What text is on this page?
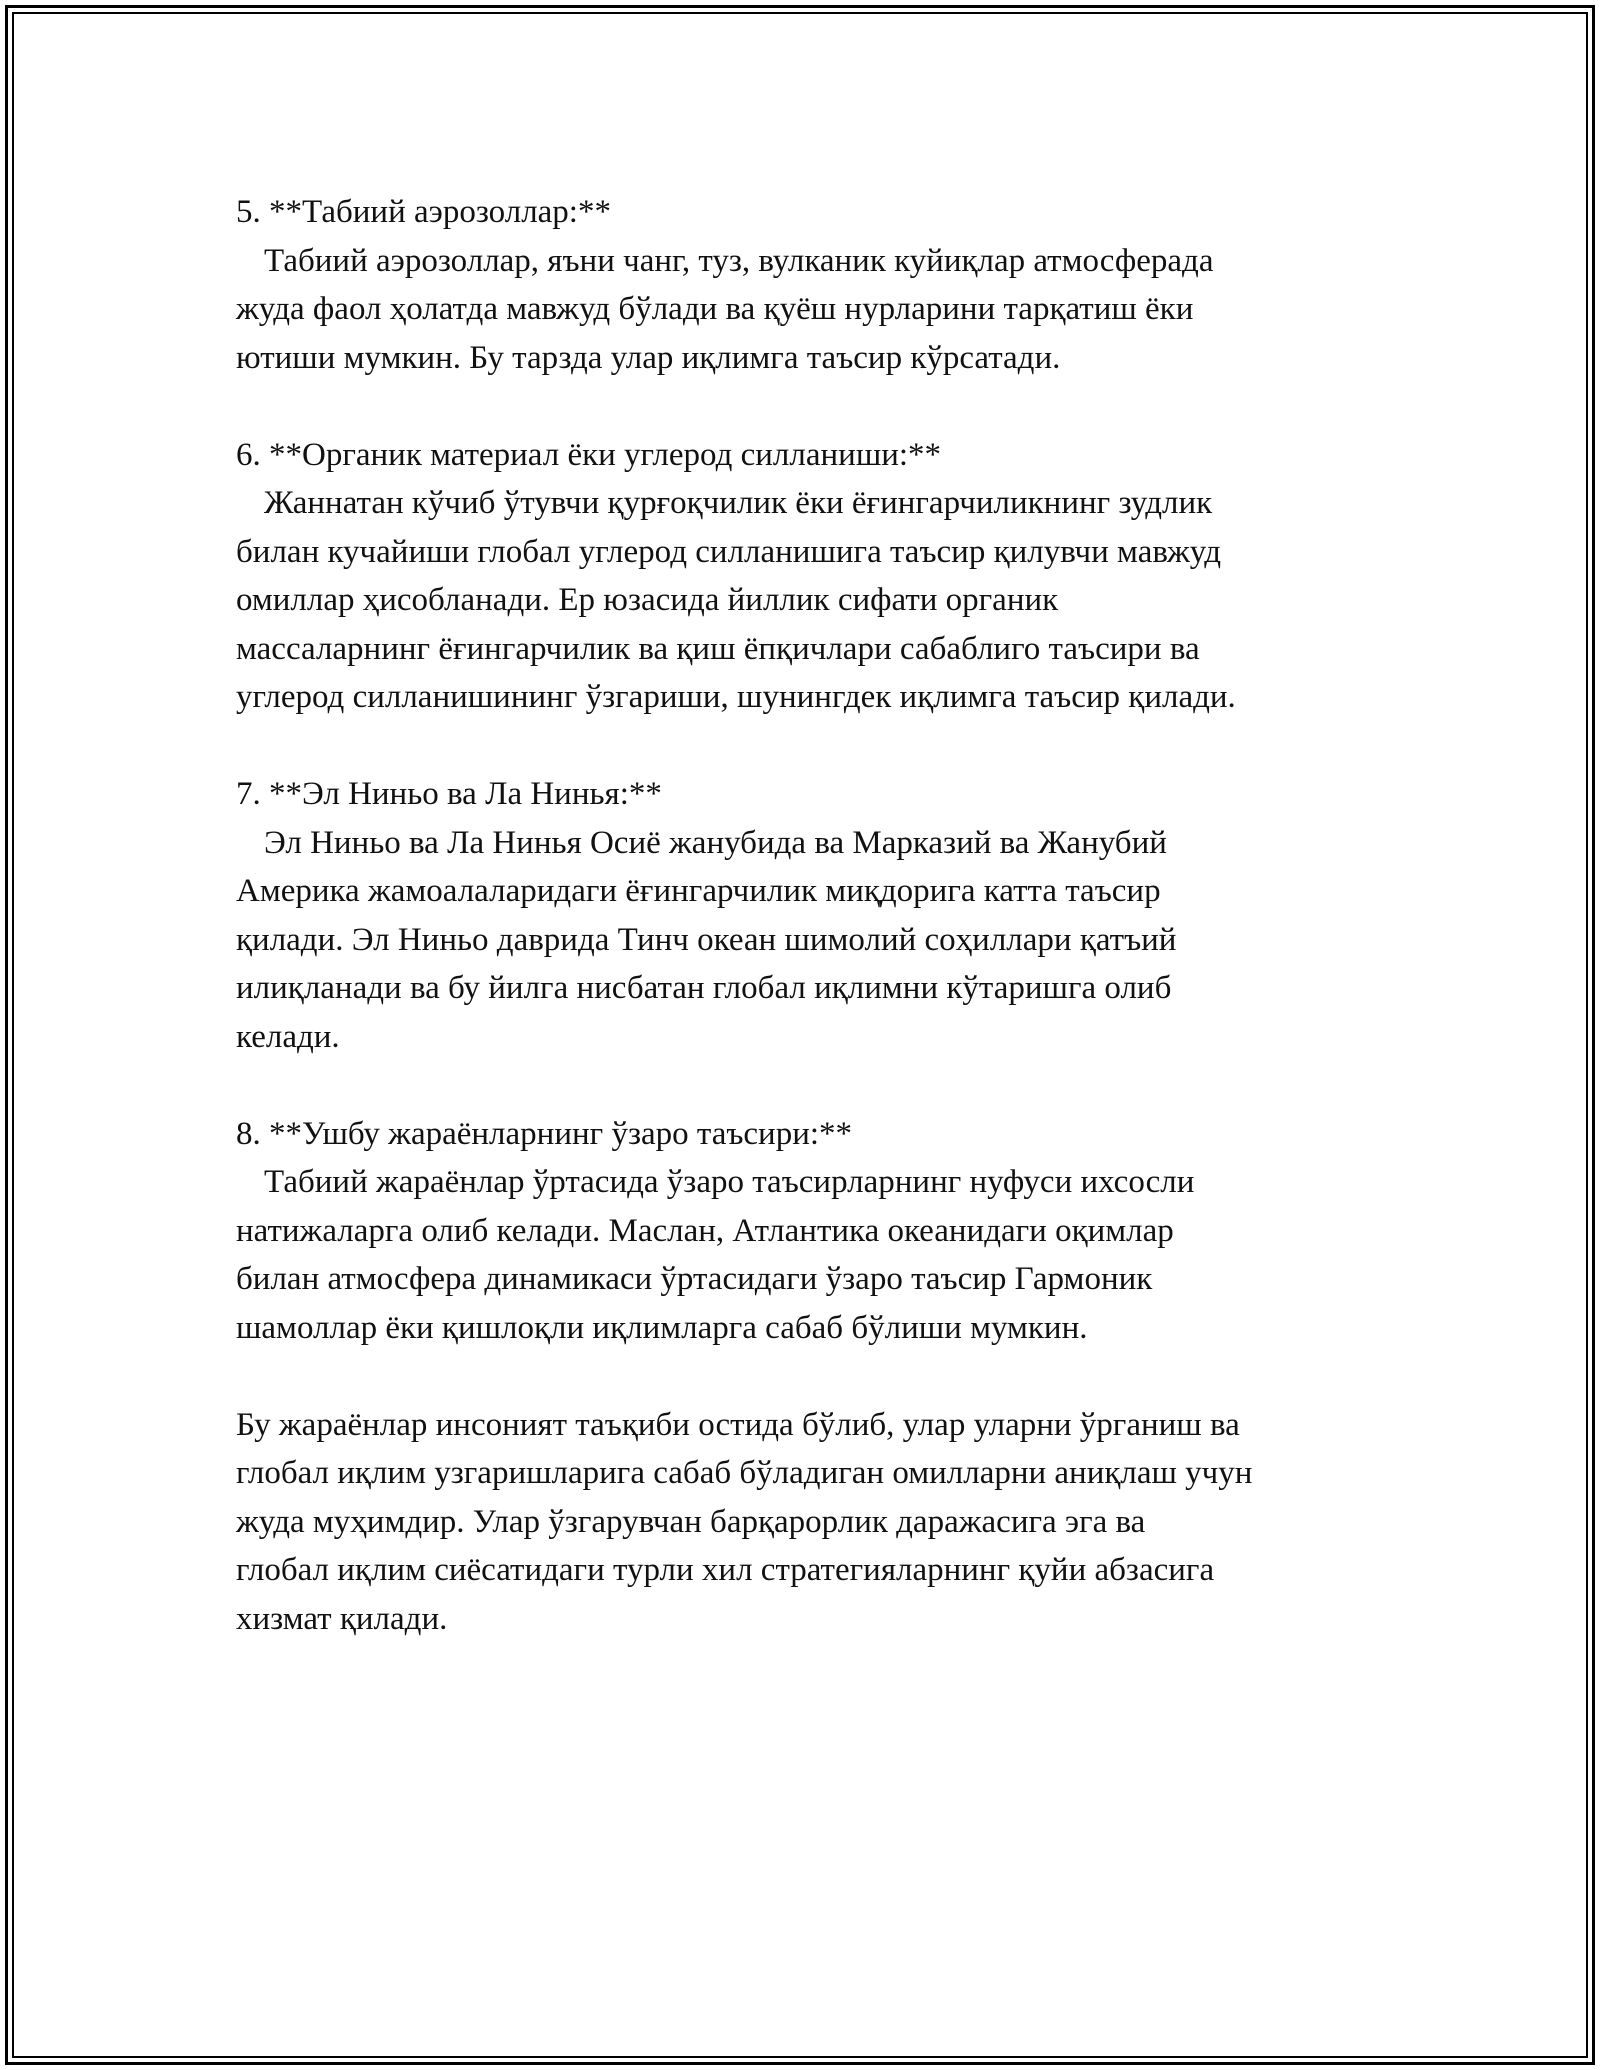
5. **Табиий аэрозоллар:**
Табиий аэрозоллар, яъни чанг, туз, вулканик куйиқлар атмосферада
жуда фаол ҳолатда мавжуд бўлади ва қуёш нурларини тарқатиш ёки
ютиши мумкин. Бу тарзда улар иқлимга таъсир кўрсатади.
6. **Органик материал ёки углерод силланиши:**
Жаннатан кўчиб ўтувчи қурғоқчилик ёки ёғингарчиликнинг зудлик
билан кучайиши глобал углерод силланишига таъсир қилувчи мавжуд
омиллар ҳисобланади. Ер юзасида йиллик сифати органик
массаларнинг ёғингарчилик ва қиш ёпқичлари сабаблиго таъсири ва
углерод силланишининг ўзгариши, шунингдек иқлимга таъсир қилади.
7. **Эл Ниньо ва Ла Нинья:**
Эл Ниньо ва Ла Нинья Осиё жанубида ва Марказий ва Жанубий
Америка жамоалаларидаги ёғингарчилик миқдорига катта таъсир
қилади. Эл Ниньо даврида Тинч океан шимолий соҳиллари қатъий
илиқланади ва бу йилга нисбатан глобал иқлимни кўтаришга олиб
келади.
8. **Ушбу жараёнларнинг ўзаро таъсири:**
Табиий жараёнлар ўртасида ўзаро таъсирларнинг нуфуси ихсосли
натижаларга олиб келади. Маслан, Атлантика океанидаги оқимлар
билан атмосфера динамикаси ўртасидаги ўзаро таъсир Гармоник
шамоллар ёки қишлоқли иқлимларга сабаб бўлиши мумкин.
Бу жараёнлар инсоният таъқиби остида бўлиб, улар уларни ўрганиш ва
глобал иқлим узгаришларига сабаб бўладиган омилларни аниқлаш учун
жуда муҳимдир. Улар ўзгарувчан барқарорлик даражасига эга ва
глобал иқлим сиёсатидаги турли хил стратегияларнинг қуйи абзасига
хизмат қилади.
